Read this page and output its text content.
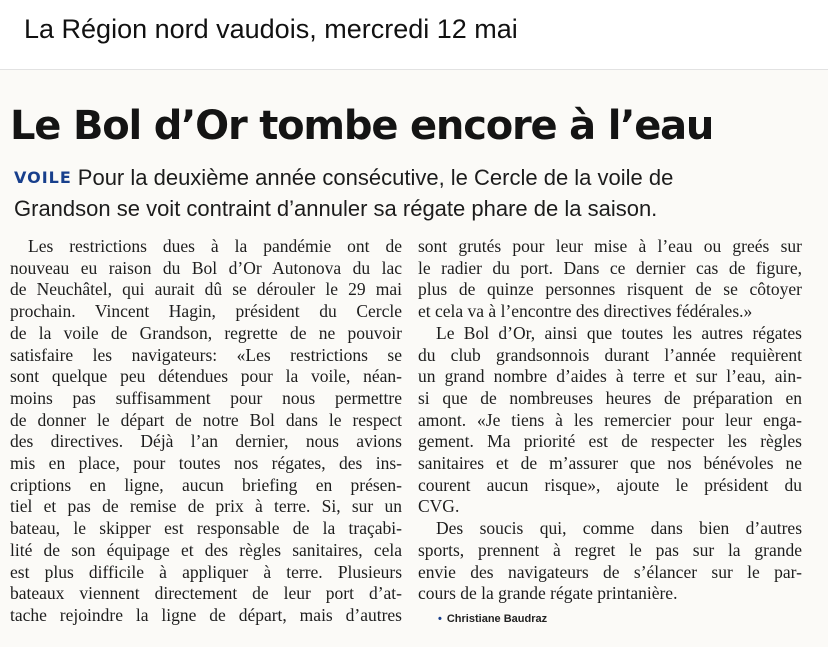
La Région nord vaudois, mercredi 12 mai
Le Bol d’Or tombe encore à l’eau
VOILE Pour la deuxième année consécutive, le Cercle de la voile de
Grandson se voit contraint d’annuler sa régate phare de la saison.
Les restrictions dues à la pandémie ont de
nouveau eu raison du Bol d’Or Autonova du lac
de Neuchâtel, qui aurait dû se dérouler le 29 mai
prochain. Vincent Hagin, président du Cercle
de la voile de Grandson, regrette de ne pouvoir
satisfaire les navigateurs: «Les restrictions se
sont quelque peu détendues pour la voile, néan-
moins pas suffisamment pour nous permettre
de donner le départ de notre Bol dans le respect
des directives. Déjà l’an dernier, nous avions
mis en place, pour toutes nos régates, des ins-
criptions en ligne, aucun briefing en présen-
tiel et pas de remise de prix à terre. Si, sur un
bateau, le skipper est responsable de la traçabi-
lité de son équipage et des règles sanitaires, cela
est plus difficile à appliquer à terre. Plusieurs
bateaux viennent directement de leur port d’at-
tache rejoindre la ligne de départ, mais d’autres
sont grutés pour leur mise à l’eau ou greés sur
le radier du port. Dans ce dernier cas de figure,
plus de quinze personnes risquent de se côtoyer
et cela va à l’encontre des directives fédérales.»
Le Bol d’Or, ainsi que toutes les autres régates
du club grandsonnois durant l’année requièrent
un grand nombre d’aides à terre et sur l’eau, ain-
si que de nombreuses heures de préparation en
amont. «Je tiens à les remercier pour leur enga-
gement. Ma priorité est de respecter les règles
sanitaires et de m’assurer que nos bénévoles ne
courent aucun risque», ajoute le président du
CVG.
Des soucis qui, comme dans bien d’autres
sports, prennent à regret le pas sur la grande
envie des navigateurs de s’élancer sur le par-
cours de la grande régate printanière.
• Christiane Baudraz
